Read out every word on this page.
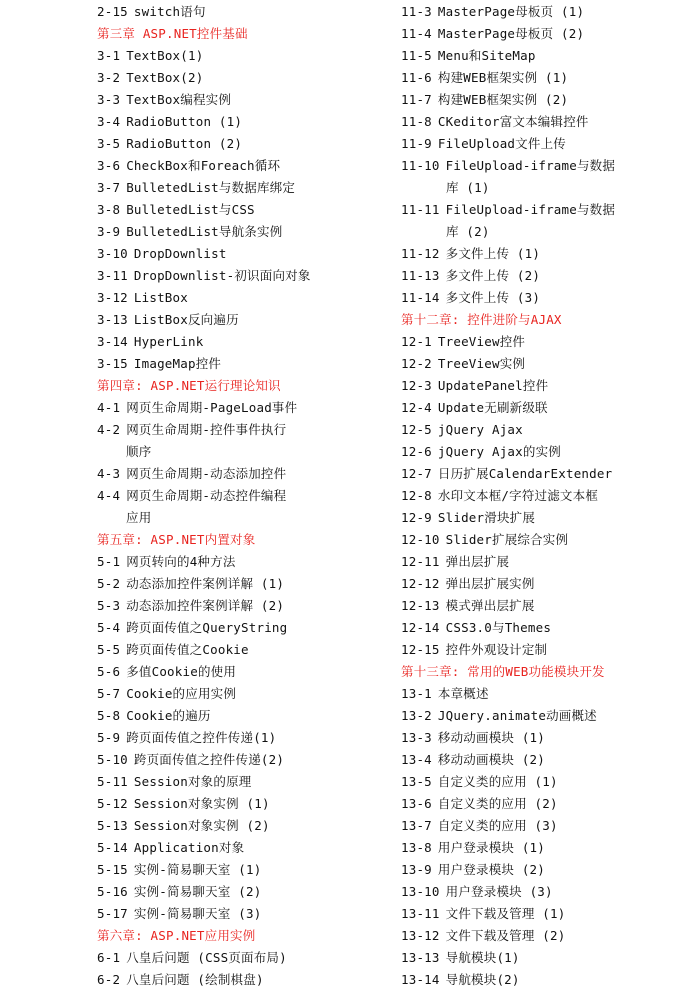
2-15 switch语句
第三章 ASP.NET控件基础
3-1 TextBox(1)
3-2 TextBox(2)
3-3 TextBox编程实例
3-4 RadioButton (1)
3-5 RadioButton (2)
3-6 CheckBox和Foreach循环
3-7 BulletedList与数据库绑定
3-8 BulletedList与CSS
3-9 BulletedList导航条实例
3-10 DropDownlist
3-11 DropDownlist-初识面向对象
3-12 ListBox
3-13 ListBox反向遍历
3-14 HyperLink
3-15 ImageMap控件
第四章: ASP.NET运行理论知识
4-1 网页生命周期-PageLoad事件
4-2 网页生命周期-控件事件执行
顺序
4-3 网页生命周期-动态添加控件
4-4 网页生命周期-动态控件编程
应用
第五章: ASP.NET内置对象
5-1 网页转向的4种方法
5-2 动态添加控件案例详解 (1)
5-3 动态添加控件案例详解 (2)
5-4 跨页面传值之QueryString
5-5 跨页面传值之Cookie
5-6 多值Cookie的使用
5-7 Cookie的应用实例
5-8 Cookie的遍历
5-9 跨页面传值之控件传递(1)
5-10 跨页面传值之控件传递(2)
5-11 Session对象的原理
5-12 Session对象实例 (1)
5-13 Session对象实例 (2)
5-14 Application对象
5-15 实例-简易聊天室 (1)
5-16 实例-简易聊天室 (2)
5-17 实例-简易聊天室 (3)
第六章: ASP.NET应用实例
6-1 八皇后问题 (CSS页面布局)
6-2 八皇后问题 (绘制棋盘)
11-3 MasterPage母板页 (1)
11-4 MasterPage母板页 (2)
11-5 Menu和SiteMap
11-6 构建WEB框架实例 (1)
11-7 构建WEB框架实例 (2)
11-8 CKeditor富文本编辑控件
11-9 FileUpload文件上传
11-10 FileUpload-iframe与数据
库 (1)
11-11 FileUpload-iframe与数据
库 (2)
11-12 多文件上传 (1)
11-13 多文件上传 (2)
11-14 多文件上传 (3)
第十二章: 控件进阶与AJAX
12-1 TreeView控件
12-2 TreeView实例
12-3 UpdatePanel控件
12-4 Update无刷新级联
12-5 jQuery Ajax
12-6 jQuery Ajax的实例
12-7 日历扩展CalendarExtender
12-8 水印文本框/字符过滤文本框
12-9 Slider滑块扩展
12-10 Slider扩展综合实例
12-11 弹出层扩展
12-12 弹出层扩展实例
12-13 模式弹出层扩展
12-14 CSS3.0与Themes
12-15 控件外观设计定制
第十三章: 常用的WEB功能模块开发
13-1 本章概述
13-2 JQuery.animate动画概述
13-3 移动动画模块 (1)
13-4 移动动画模块 (2)
13-5 自定义类的应用 (1)
13-6 自定义类的应用 (2)
13-7 自定义类的应用 (3)
13-8 用户登录模块 (1)
13-9 用户登录模块 (2)
13-10 用户登录模块 (3)
13-11 文件下载及管理 (1)
13-12 文件下载及管理 (2)
13-13 导航模块(1)
13-14 导航模块(2)
